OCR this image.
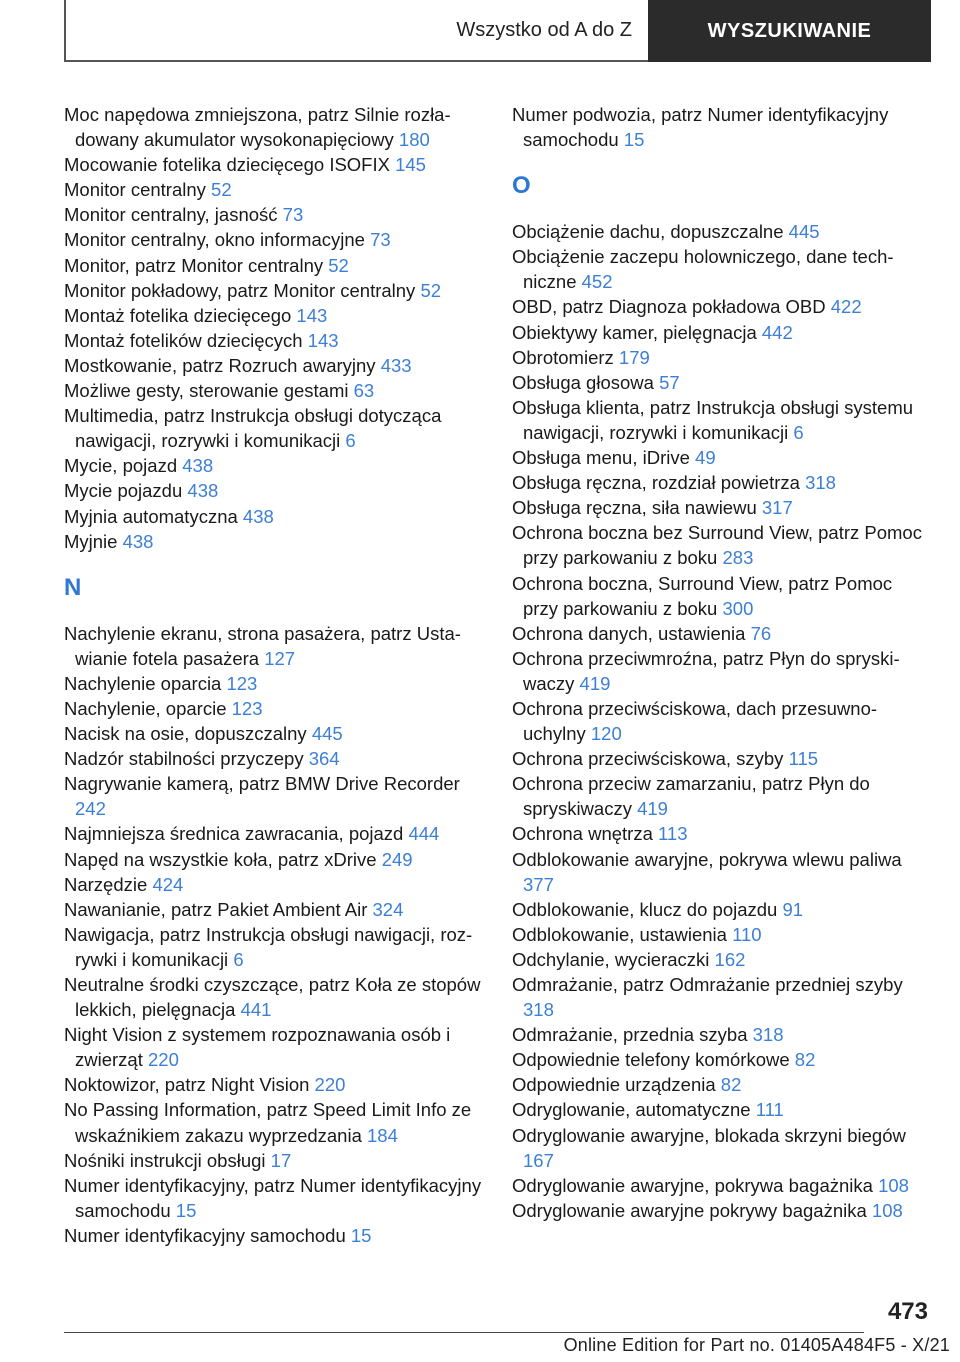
Wszystko od A do Z	WYSZUKIWANIE
Moc napędowa zmniejszona, patrz Silnie rozładowany akumulator wysokonapięciowy 180
Mocowanie fotelika dziecięcego ISOFIX 145
Monitor centralny 52
Monitor centralny, jasność 73
Monitor centralny, okno informacyjne 73
Monitor, patrz Monitor centralny 52
Monitor pokładowy, patrz Monitor centralny 52
Montaż fotelika dziecięcego 143
Montaż fotelików dziecięcych 143
Mostkowanie, patrz Rozruch awaryjny 433
Możliwe gesty, sterowanie gestami 63
Multimedia, patrz Instrukcja obsługi dotycząca nawigacji, rozrywki i komunikacji 6
Mycie, pojazd 438
Mycie pojazdu 438
Myjnia automatyczna 438
Myjnie 438
N
Nachylenie ekranu, strona pasażera, patrz Ustawianie fotela pasażera 127
Nachylenie oparcia 123
Nachylenie, oparcie 123
Nacisk na osie, dopuszczalny 445
Nadzór stabilności przyczepy 364
Nagrywanie kamerą, patrz BMW Drive Recorder 242
Najmniejsza średnica zawracania, pojazd 444
Napęd na wszystkie koła, patrz xDrive 249
Narzędzie 424
Nawanianie, patrz Pakiet Ambient Air 324
Nawigacja, patrz Instrukcja obsługi nawigacji, rozrywki i komunikacji 6
Neutralne środki czyszczące, patrz Koła ze stopów lekkich, pielęgnacja 441
Night Vision z systemem rozpoznawania osób i zwierząt 220
Noktowizor, patrz Night Vision 220
No Passing Information, patrz Speed Limit Info ze wskaźnikiem zakazu wyprzedzania 184
Nośniki instrukcji obsługi 17
Numer identyfikacyjny, patrz Numer identyfikacyjny samochodu 15
Numer identyfikacyjny samochodu 15
Numer podwozia, patrz Numer identyfikacyjny samochodu 15
O
Obciążenie dachu, dopuszczalne 445
Obciążenie zaczepu holowniczego, dane techniczne 452
OBD, patrz Diagnoza pokładowa OBD 422
Obiektywy kamer, pielęgnacja 442
Obrotomierz 179
Obsługa głosowa 57
Obsługa klienta, patrz Instrukcja obsługi systemu nawigacji, rozrywki i komunikacji 6
Obsługa menu, iDrive 49
Obsługa ręczna, rozdział powietrza 318
Obsługa ręczna, siła nawiewu 317
Ochrona boczna bez Surround View, patrz Pomoc przy parkowaniu z boku 283
Ochrona boczna, Surround View, patrz Pomoc przy parkowaniu z boku 300
Ochrona danych, ustawienia 76
Ochrona przeciwmroźna, patrz Płyn do spryskiwaczy 419
Ochrona przeciwściskowa, dach przesuwnouchylny 120
Ochrona przeciwściskowa, szyby 115
Ochrona przeciw zamarzaniu, patrz Płyn do spryskiwaczy 419
Ochrona wnętrza 113
Odblokowanie awaryjne, pokrywa wlewu paliwa 377
Odblokowanie, klucz do pojazdu 91
Odblokowanie, ustawienia 110
Odchylanie, wycieraczki 162
Odmrażanie, patrz Odmrażanie przedniej szyby 318
Odmrażanie, przednia szyba 318
Odpowiednie telefony komórkowe 82
Odpowiednie urządzenia 82
Odryglowanie, automatyczne 111
Odryglowanie awaryjne, blokada skrzyni biegów 167
Odryglowanie awaryjne, pokrywa bagażnika 108
Odryglowanie awaryjne pokrywy bagażnika 108
473
Online Edition for Part no. 01405A484F5 - X/21
